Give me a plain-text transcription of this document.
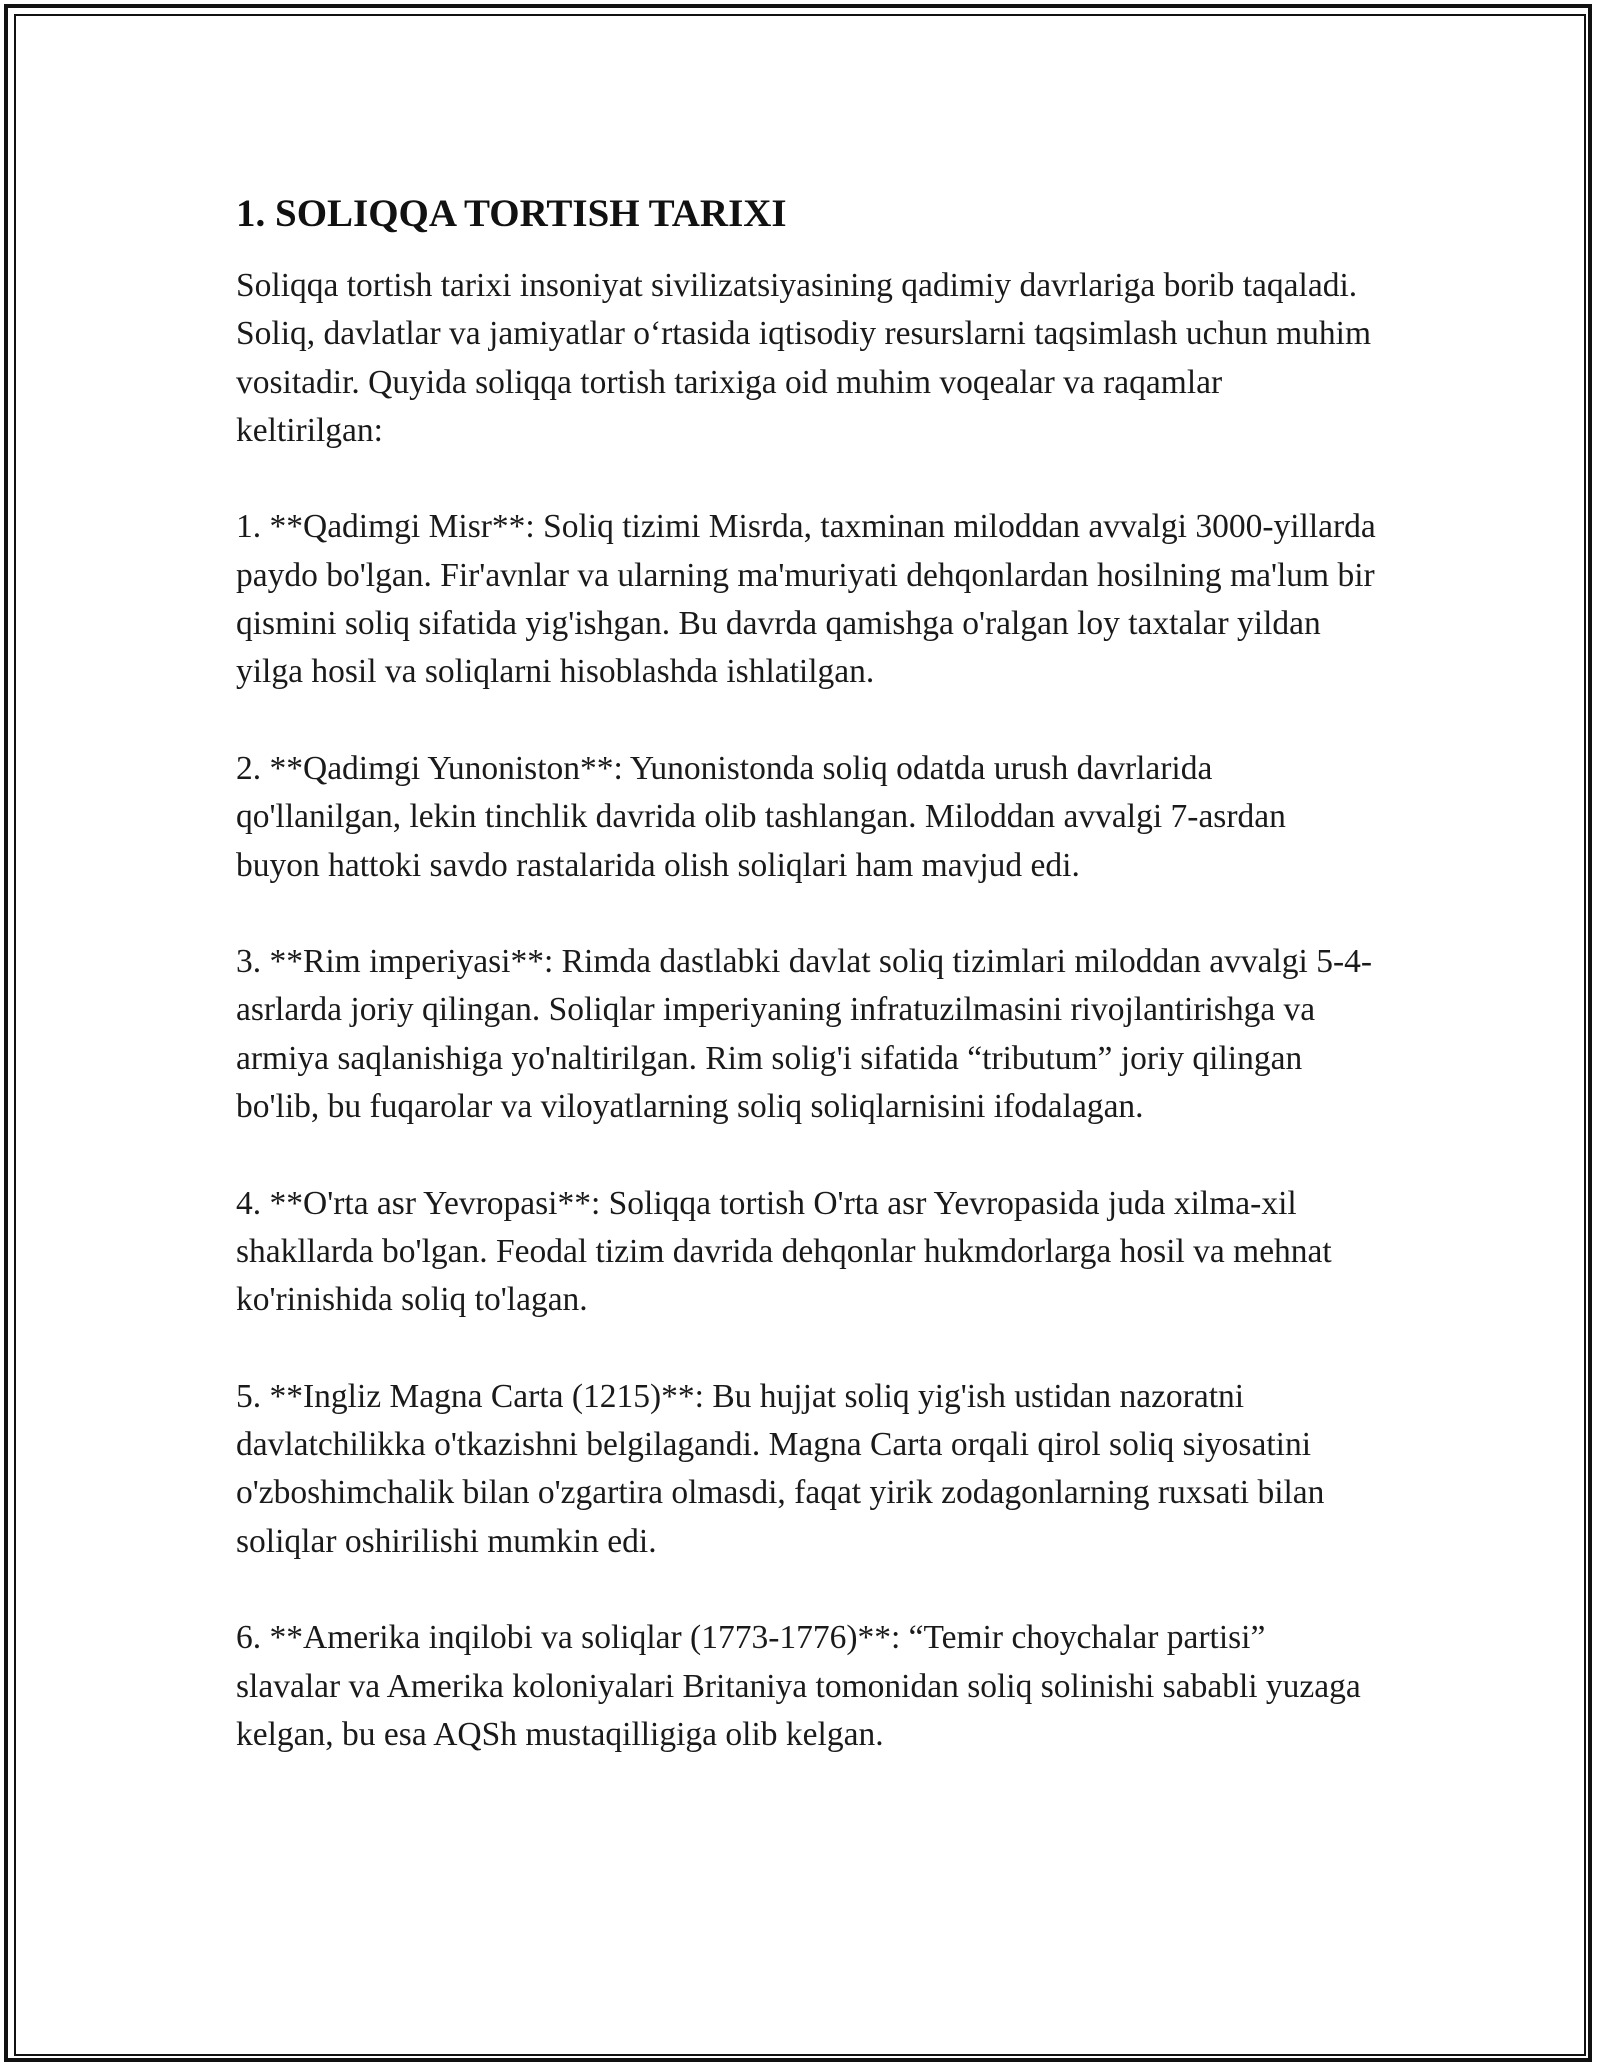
1. SOLIQQA TORTISH TARIXI

Soliqqa tortish tarixi insoniyat sivilizatsiyasining qadimiy davrlariga borib taqaladi. Soliq, davlatlar va jamiyatlar o‘rtasida iqtisodiy resurslarni taqsimlash uchun muhim vositadir. Quyida soliqqa tortish tarixiga oid muhim voqealar va raqamlar keltirilgan:

1. **Qadimgi Misr**: Soliq tizimi Misrda, taxminan miloddan avvalgi 3000-yillarda paydo bo'lgan. Fir'avnlar va ularning ma'muriyati dehqonlardan hosilning ma'lum bir qismini soliq sifatida yig'ishgan. Bu davrda qamishga o'ralgan loy taxtalar yildan yilga hosil va soliqlarni hisoblashda ishlatilgan.

2. **Qadimgi Yunoniston**: Yunonistonda soliq odatda urush davrlarida qo'llanilgan, lekin tinchlik davrida olib tashlangan. Miloddan avvalgi 7-asrdan buyon hattoki savdo rastalarida olish soliqlari ham mavjud edi.

3. **Rim imperiyasi**: Rimda dastlabki davlat soliq tizimlari miloddan avvalgi 5-4-asrlarda joriy qilingan. Soliqlar imperiyaning infratuzilmasini rivojlantirishga va armiya saqlanishiga yo'naltirilgan. Rim solig'i sifatida “tributum” joriy qilingan bo'lib, bu fuqarolar va viloyatlarning soliq soliqlarnisini ifodalagan.

4. **O'rta asr Yevropasi**: Soliqqa tortish O'rta asr Yevropasida juda xilma-xil shakllarda bo'lgan. Feodal tizim davrida dehqonlar hukmdorlarga hosil va mehnat ko'rinishida soliq to'lagan.

5. **Ingliz Magna Carta (1215)**: Bu hujjat soliq yig'ish ustidan nazoratni davlatchilikka o'tkazishni belgilagandi. Magna Carta orqali qirol soliq siyosatini o'zboshimchalik bilan o'zgartira olmasdi, faqat yirik zodagonlarning ruxsati bilan soliqlar oshirilishi mumkin edi.

6. **Amerika inqilobi va soliqlar (1773-1776)**: “Temir choychalar partisi” slavalar va Amerika koloniyalari Britaniya tomonidan soliq solinishi sababli yuzaga kelgan, bu esa AQSh mustaqilligiga olib kelgan.
